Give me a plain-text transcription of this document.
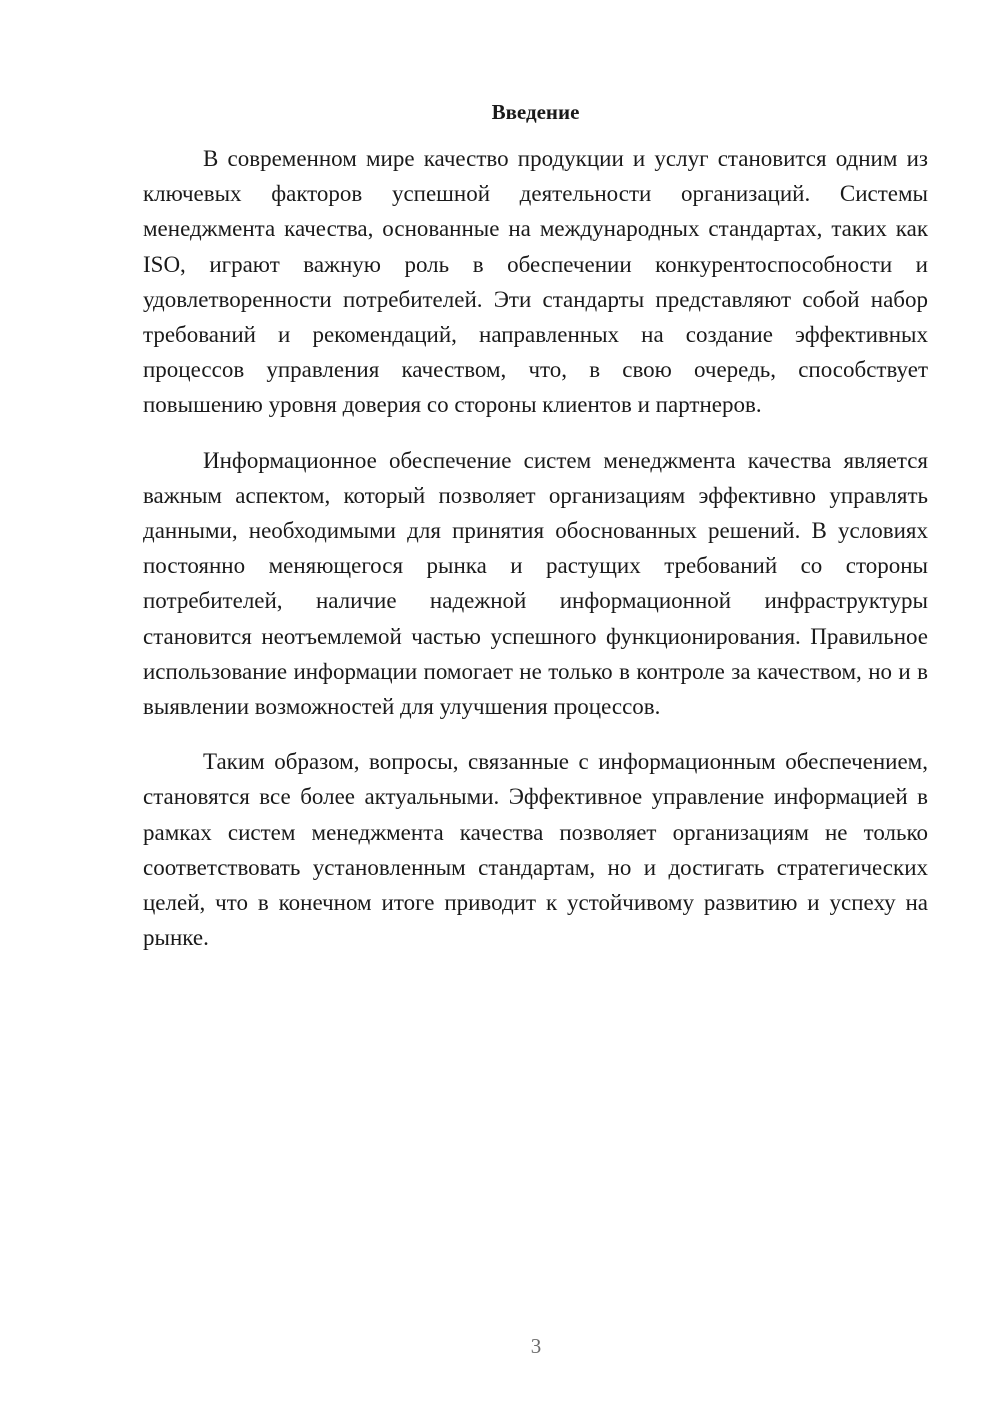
Введение

В современном мире качество продукции и услуг становится одним из ключевых факторов успешной деятельности организаций. Системы менеджмента качества, основанные на международных стандартах, таких как ISO, играют важную роль в обеспечении конкурентоспособности и удовлетворенности потребителей. Эти стандарты представляют собой набор требований и рекомендаций, направленных на создание эффективных процессов управления качеством, что, в свою очередь, способствует повышению уровня доверия со стороны клиентов и партнеров.

Информационное обеспечение систем менеджмента качества является важным аспектом, который позволяет организациям эффективно управлять данными, необходимыми для принятия обоснованных решений. В условиях постоянно меняющегося рынка и растущих требований со стороны потребителей, наличие надежной информационной инфраструктуры становится неотъемлемой частью успешного функционирования. Правильное использование информации помогает не только в контроле за качеством, но и в выявлении возможностей для улучшения процессов.

Таким образом, вопросы, связанные с информационным обеспечением, становятся все более актуальными. Эффективное управление информацией в рамках систем менеджмента качества позволяет организациям не только соответствовать установленным стандартам, но и достигать стратегических целей, что в конечном итоге приводит к устойчивому развитию и успеху на рынке.

3
